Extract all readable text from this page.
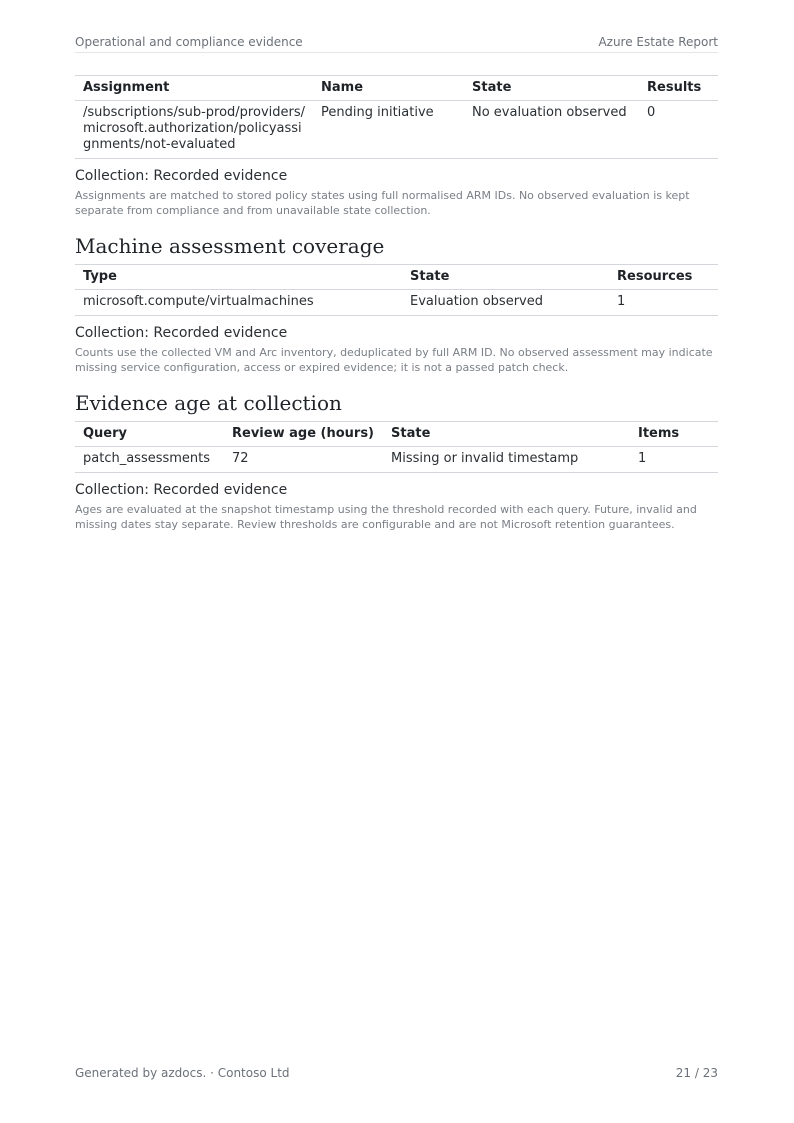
Operational and compliance evidence	Azure Estate Report
Assignment	Name	State	Results
/subscriptions/sub-prod/providers/microsoft.authorization/policyassignments/not-evaluated	Pending initiative	No evaluation observed	0
Collection: Recorded evidence
Assignments are matched to stored policy states using full normalised ARM IDs. No observed evaluation is kept separate from compliance and from unavailable state collection.
Machine assessment coverage
Type	State	Resources
microsoft.compute/virtualmachines	Evaluation observed	1
Collection: Recorded evidence
Counts use the collected VM and Arc inventory, deduplicated by full ARM ID. No observed assessment may indicate missing service configuration, access or expired evidence; it is not a passed patch check.
Evidence age at collection
Query	Review age (hours)	State	Items
patch_assessments	72	Missing or invalid timestamp	1
Collection: Recorded evidence
Ages are evaluated at the snapshot timestamp using the threshold recorded with each query. Future, invalid and missing dates stay separate. Review thresholds are configurable and are not Microsoft retention guarantees.
Generated by azdocs. · Contoso Ltd	21 / 23
